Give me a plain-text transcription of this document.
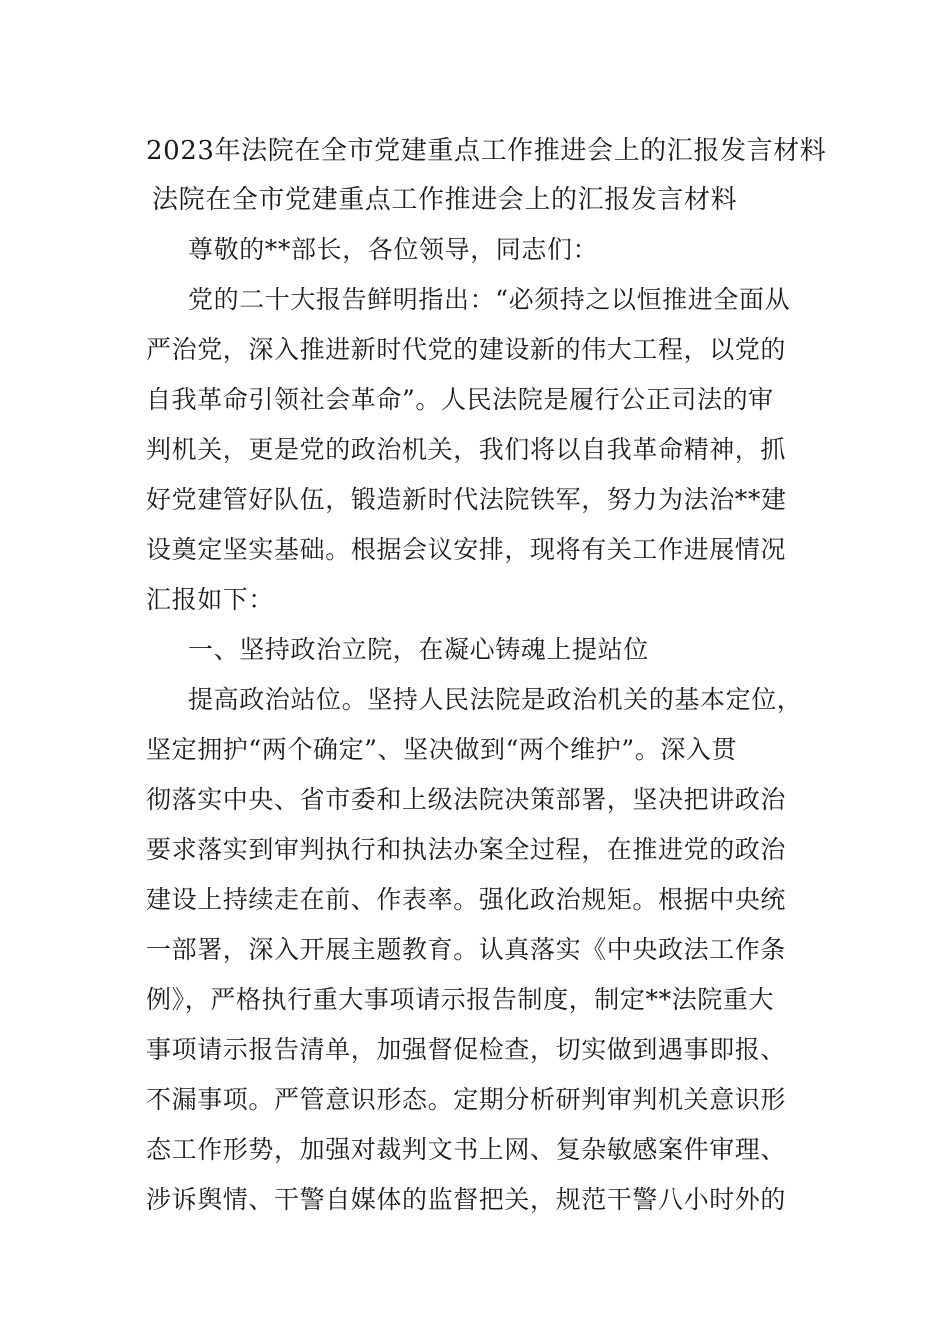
2023年法院在全市党建重点工作推进会上的汇报发言材料
法院在全市党建重点工作推进会上的汇报发言材料
尊敬的**部长，各位领导，同志们：
党的二十大报告鲜明指出：“必须持之以恒推进全面从
严治党，深入推进新时代党的建设新的伟大工程，以党的
自我革命引领社会革命”。人民法院是履行公正司法的审
判机关，更是党的政治机关，我们将以自我革命精神，抓
好党建管好队伍，锻造新时代法院铁军，努力为法治**建
设奠定坚实基础。根据会议安排，现将有关工作进展情况
汇报如下：
一、坚持政治立院，在凝心铸魂上提站位
提高政治站位。坚持人民法院是政治机关的基本定位，
坚定拥护“两个确定”、坚决做到“两个维护”。深入贯
彻落实中央、省市委和上级法院决策部署，坚决把讲政治
要求落实到审判执行和执法办案全过程，在推进党的政治
建设上持续走在前、作表率。强化政治规矩。根据中央统
一部署，深入开展主题教育。认真落实《中央政法工作条
例》，严格执行重大事项请示报告制度，制定**法院重大
事项请示报告清单，加强督促检查，切实做到遇事即报、
不漏事项。严管意识形态。定期分析研判审判机关意识形
态工作形势，加强对裁判文书上网、复杂敏感案件审理、
涉诉舆情、干警自媒体的监督把关，规范干警八小时外的
